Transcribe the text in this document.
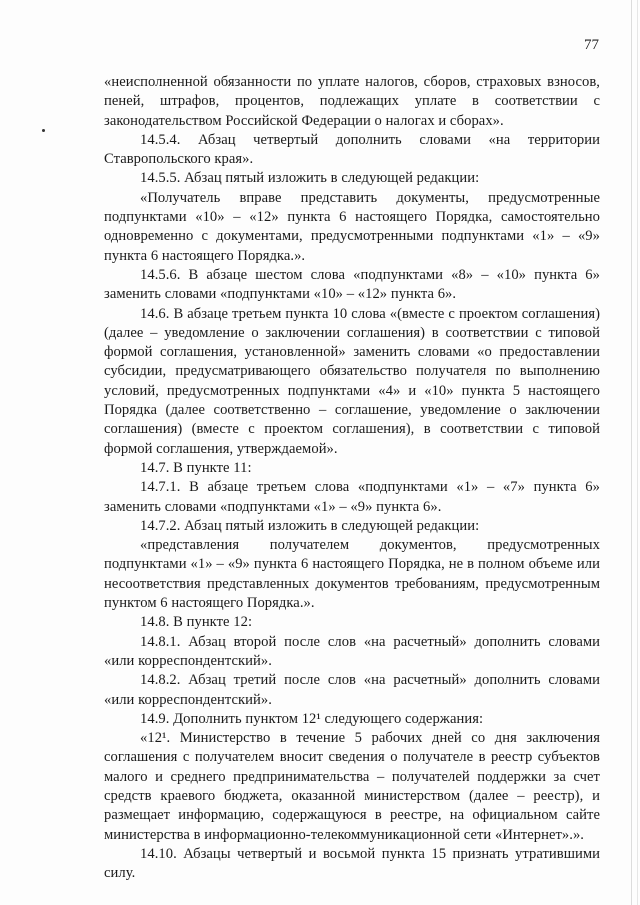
77

«неисполненной обязанности по уплате налогов, сборов, страховых взносов, пеней, штрафов, процентов, подлежащих уплате в соответствии с законодательством Российской Федерации о налогах и сборах».

14.5.4. Абзац четвертый дополнить словами «на территории Ставропольского края».

14.5.5. Абзац пятый изложить в следующей редакции:

«Получатель вправе представить документы, предусмотренные подпунктами «10» – «12» пункта 6 настоящего Порядка, самостоятельно одновременно с документами, предусмотренными подпунктами «1» – «9» пункта 6 настоящего Порядка.».

14.5.6. В абзаце шестом слова «подпунктами «8» – «10» пункта 6» заменить словами «подпунктами «10» – «12» пункта 6».

14.6. В абзаце третьем пункта 10 слова «(вместе с проектом соглашения) (далее – уведомление о заключении соглашения) в соответствии с типовой формой соглашения, установленной» заменить словами «о предоставлении субсидии, предусматривающего обязательство получателя по выполнению условий, предусмотренных подпунктами «4» и «10» пункта 5 настоящего Порядка (далее соответственно – соглашение, уведомление о заключении соглашения) (вместе с проектом соглашения), в соответствии с типовой формой соглашения, утверждаемой».

14.7. В пункте 11:

14.7.1. В абзаце третьем слова «подпунктами «1» – «7» пункта 6» заменить словами «подпунктами «1» – «9» пункта 6».

14.7.2. Абзац пятый изложить в следующей редакции:

«представления получателем документов, предусмотренных подпунктами «1» – «9» пункта 6 настоящего Порядка, не в полном объеме или несоответствия представленных документов требованиям, предусмотренным пунктом 6 настоящего Порядка.».

14.8. В пункте 12:

14.8.1. Абзац второй после слов «на расчетный» дополнить словами «или корреспондентский».

14.8.2. Абзац третий после слов «на расчетный» дополнить словами «или корреспондентский».

14.9. Дополнить пунктом 12¹ следующего содержания:

«12¹. Министерство в течение 5 рабочих дней со дня заключения соглашения с получателем вносит сведения о получателе в реестр субъектов малого и среднего предпринимательства – получателей поддержки за счет средств краевого бюджета, оказанной министерством (далее – реестр), и размещает информацию, содержащуюся в реестре, на официальном сайте министерства в информационно-телекоммуникационной сети «Интернет».».

14.10. Абзацы четвертый и восьмой пункта 15 признать утратившими силу.
